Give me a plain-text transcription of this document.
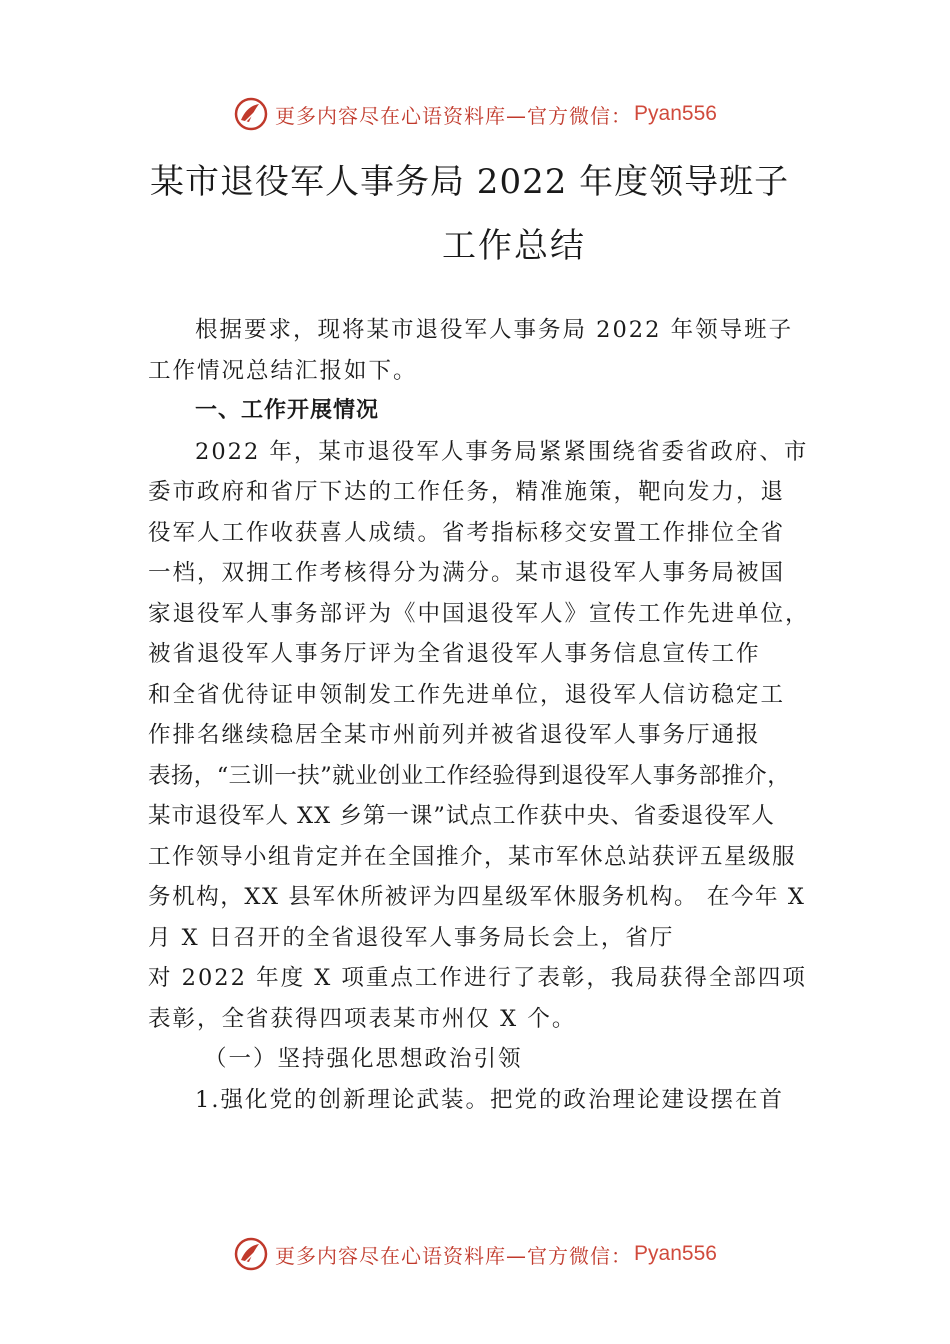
更多内容尽在心语资料库—官方微信： Pyan556
某市退役军人事务局 2022 年度领导班子
工作总结
根据要求，现将某市退役军人事务局 2022 年领导班子
工作情况总结汇报如下。
一、工作开展情况
2022 年，某市退役军人事务局紧紧围绕省委省政府、市
委市政府和省厅下达的工作任务，精准施策，靶向发力，退
役军人工作收获喜人成绩。省考指标移交安置工作排位全省
一档，双拥工作考核得分为满分。某市退役军人事务局被国
家退役军人事务部评为《中国退役军人》宣传工作先进单位，
被省退役军人事务厅评为全省退役军人事务信息宣传工作
和全省优待证申领制发工作先进单位，退役军人信访稳定工
作排名继续稳居全某市州前列并被省退役军人事务厅通报
表扬，“三训一扶”就业创业工作经验得到退役军人事务部推介，
某市退役军人 XX 乡第一课”试点工作获中央、省委退役军人
工作领导小组肯定并在全国推介，某市军休总站获评五星级服
务机构，XX 县军休所被评为四星级军休服务机构。 在今年 X
月 X 日召开的全省退役军人事务局长会上，省厅
对 2022 年度 X 项重点工作进行了表彰，我局获得全部四项
表彰，全省获得四项表某市州仅 X 个。
（一）坚持强化思想政治引领
1.强化党的创新理论武装。把党的政治理论建设摆在首
更多内容尽在心语资料库—官方微信： Pyan556
